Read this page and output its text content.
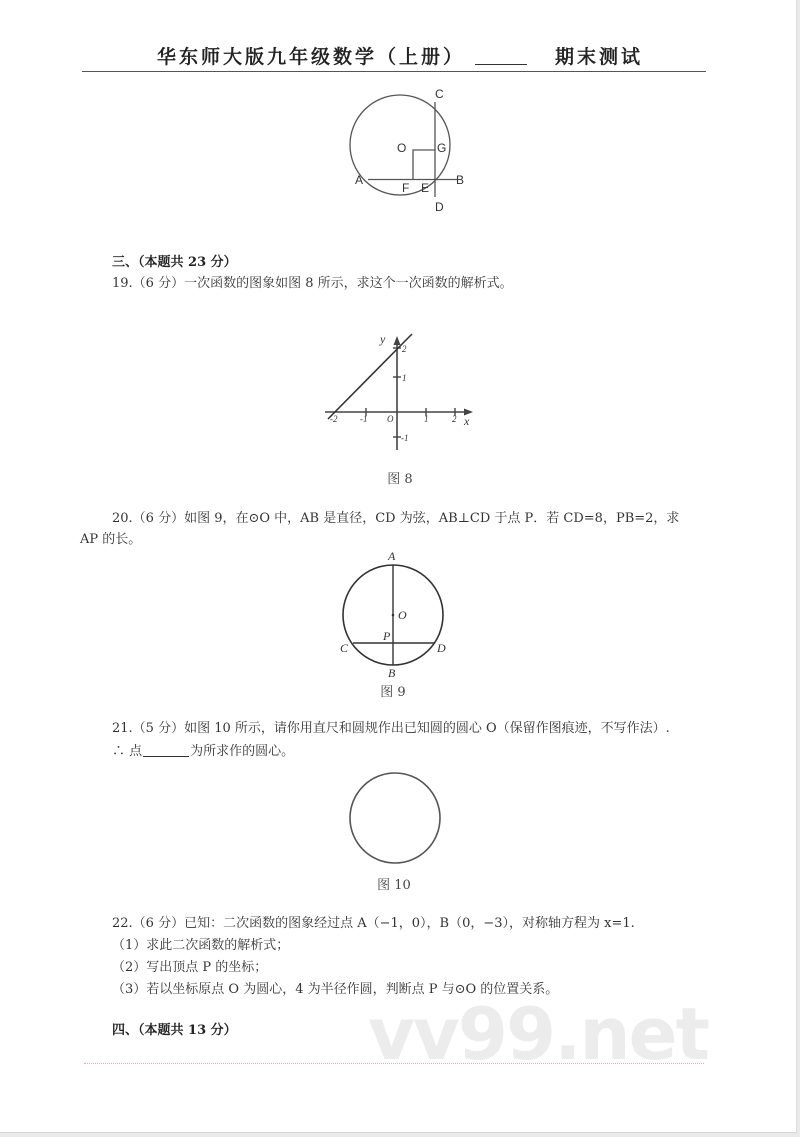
华东师大版九年级数学（上册）	期末测试
C
O	G
A	B
F E
D
三、（本题共 23 分）
19.（6 分）一次函数的图象如图 8 所示，求这个一次函数的解析式。
y
x
2
1
-1
-2	-1 O	1	2
图 8
20.（6 分）如图 9，在⊙O 中，AB 是直径，CD 为弦，AB⊥CD 于点 P．若 CD=8，PB=2，求
AP 的长。
A
O
P
C	D
B
图 9
21.（5 分）如图 10 所示，请你用直尺和圆规作出已知圆的圆心 O（保留作图痕迹，不写作法）.
∴ 点	为所求作的圆心。
图 10
22.（6 分）已知：二次函数的图象经过点 A（−1，0），B（0，−3），对称轴方程为 x=1.
（1）求此二次函数的解析式；
（2）写出顶点 P 的坐标；
（3）若以坐标原点 O 为圆心，4 为半径作圆，判断点 P 与⊙O 的位置关系。
vv99.net
四、（本题共 13 分）
